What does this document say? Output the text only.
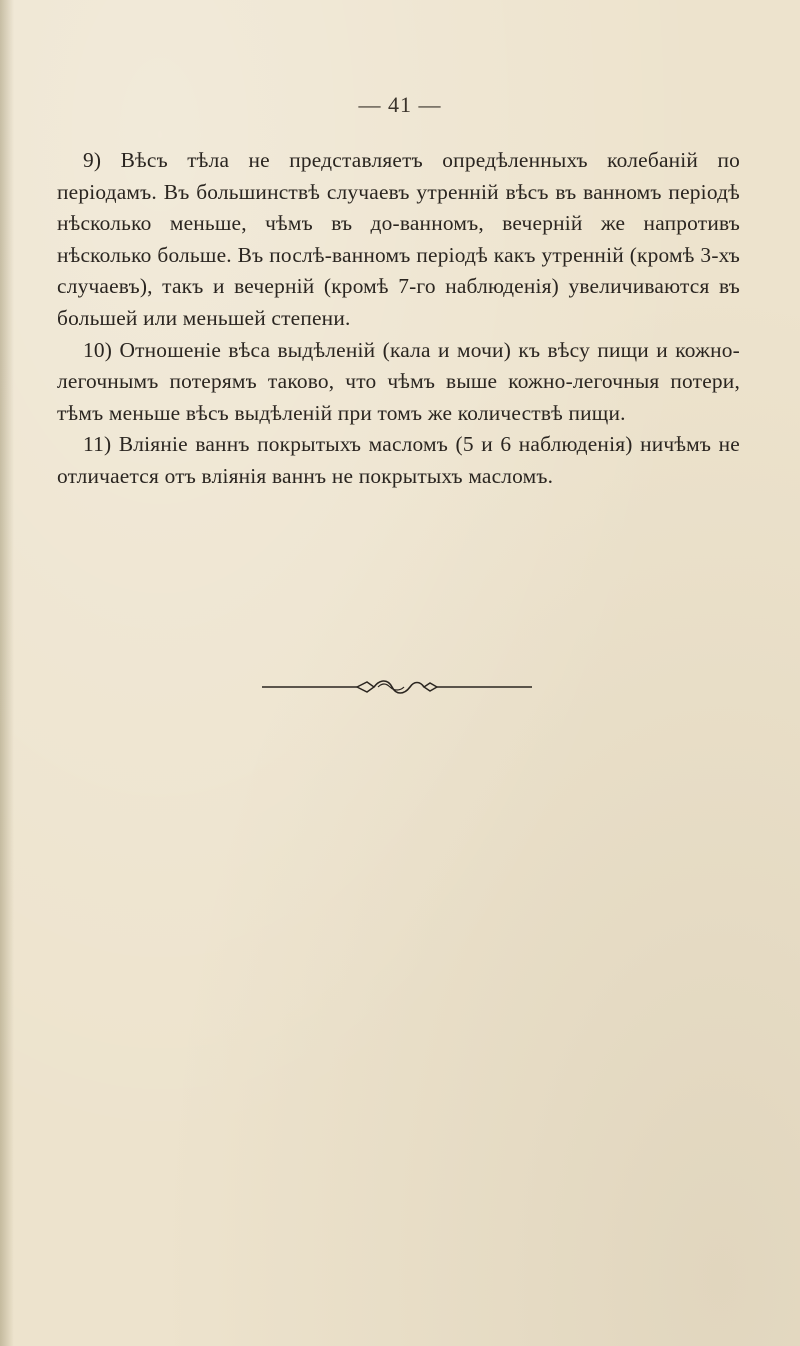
— 41 —

9) Вѣсъ тѣла не представляетъ опредѣленныхъ колебаній по періодамъ. Въ большинствѣ случаевъ утренній вѣсъ въ ванномъ періодѣ нѣсколько меньше, чѣмъ въ до-ванномъ, вечерній же напротивъ нѣсколько больше. Въ послѣ-ванномъ періодѣ какъ утренній (кромѣ 3-хъ случаевъ), такъ и вечерній (кромѣ 7-го наблюденія) увеличиваются въ большей или меньшей степени.

10) Отношеніе вѣса выдѣленій (кала и мочи) къ вѣсу пищи и кожно-легочнымъ потерямъ таково, что чѣмъ выше кожно-легочныя потери, тѣмъ меньше вѣсъ выдѣленій при томъ же количествѣ пищи.

11) Вліяніе ваннъ покрытыхъ масломъ (5 и 6 наблюденія) ничѣмъ не отличается отъ вліянія ваннъ не покрытыхъ масломъ.
